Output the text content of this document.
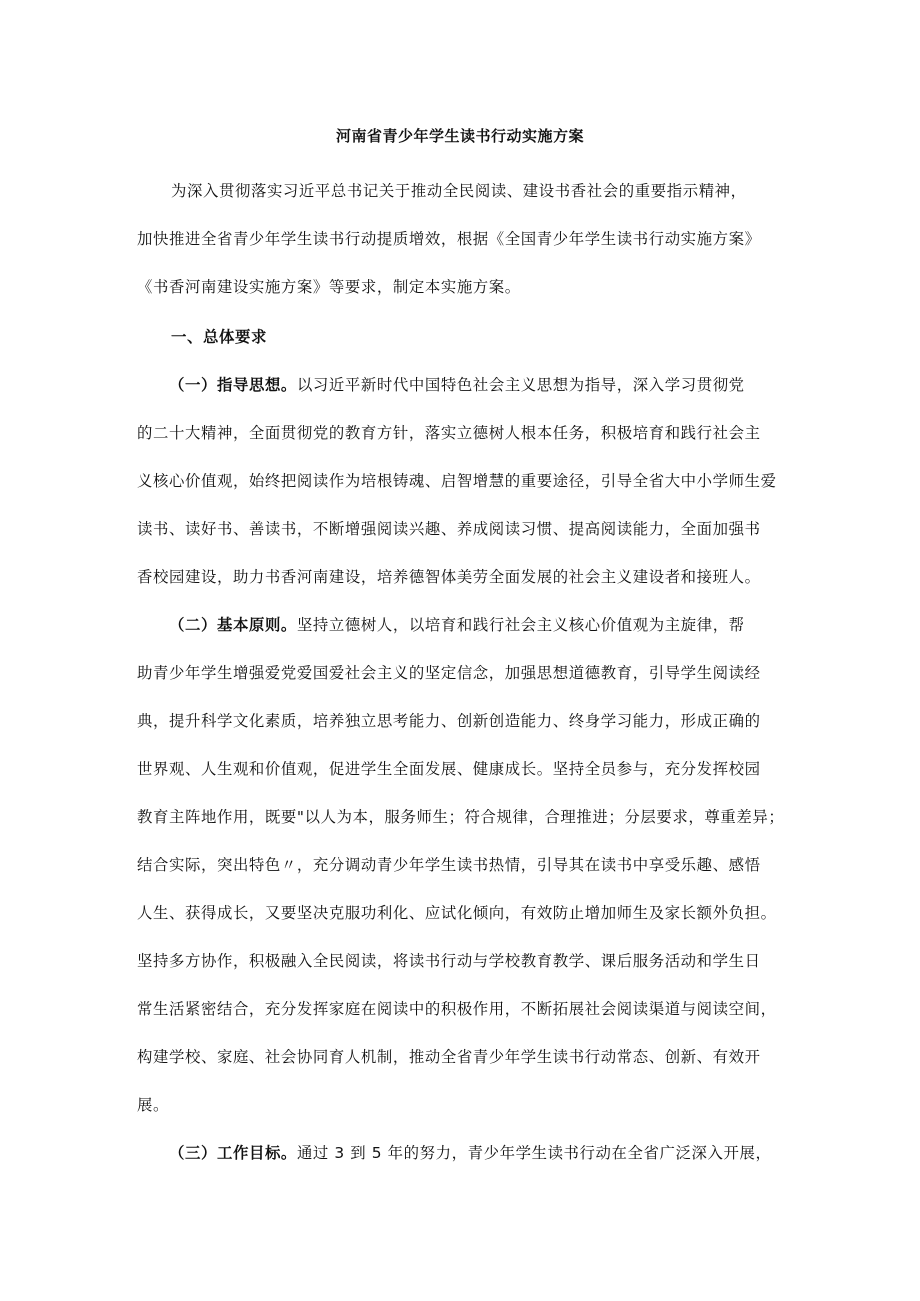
河南省青少年学生读书行动实施方案
为深入贯彻落实习近平总书记关于推动全民阅读、建设书香社会的重要指示精神，
加快推进全省青少年学生读书行动提质增效，根据《全国青少年学生读书行动实施方案》
《书香河南建设实施方案》等要求，制定本实施方案。
一、总体要求
（一）指导思想。以习近平新时代中国特色社会主义思想为指导，深入学习贯彻党
的二十大精神，全面贯彻党的教育方针，落实立德树人根本任务，积极培育和践行社会主
义核心价值观，始终把阅读作为培根铸魂、启智增慧的重要途径，引导全省大中小学师生爱
读书、读好书、善读书，不断增强阅读兴趣、养成阅读习惯、提高阅读能力，全面加强书
香校园建设，助力书香河南建设，培养德智体美劳全面发展的社会主义建设者和接班人。
（二）基本原则。坚持立德树人，以培育和践行社会主义核心价值观为主旋律，帮
助青少年学生增强爱党爱国爱社会主义的坚定信念，加强思想道德教育，引导学生阅读经
典，提升科学文化素质，培养独立思考能力、创新创造能力、终身学习能力，形成正确的
世界观、人生观和价值观，促进学生全面发展、健康成长。坚持全员参与，充分发挥校园
教育主阵地作用，既要"以人为本，服务师生；符合规律，合理推进；分层要求，尊重差异；
结合实际，突出特色〃，充分调动青少年学生读书热情，引导其在读书中享受乐趣、感悟
人生、获得成长，又要坚决克服功利化、应试化倾向，有效防止增加师生及家长额外负担。
坚持多方协作，积极融入全民阅读，将读书行动与学校教育教学、课后服务活动和学生日
常生活紧密结合，充分发挥家庭在阅读中的积极作用，不断拓展社会阅读渠道与阅读空间，
构建学校、家庭、社会协同育人机制，推动全省青少年学生读书行动常态、创新、有效开
展。
（三）工作目标。通过 3 到 5 年的努力，青少年学生读书行动在全省广泛深入开展，
